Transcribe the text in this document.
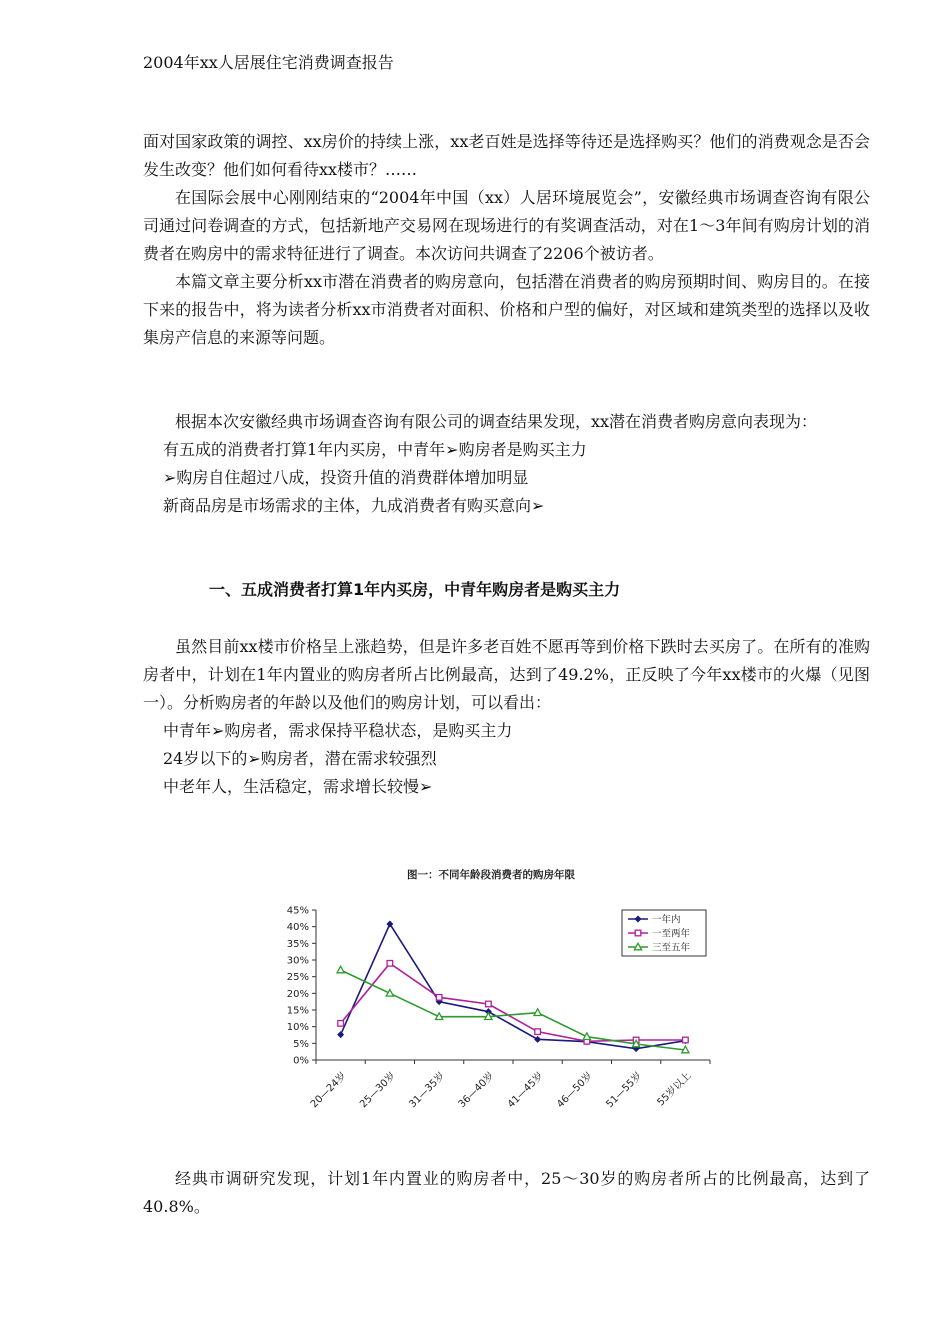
2004年xx人居展住宅消费调查报告

面对国家政策的调控、xx房价的持续上涨，xx老百姓是选择等待还是选择购买？他们的消费观念是否会发生改变？他们如何看待xx楼市？……

在国际会展中心刚刚结束的“2004年中国（xx）人居环境展览会”，安徽经典市场调查咨询有限公司通过问卷调查的方式，包括新地产交易网在现场进行的有奖调查活动，对在1～3年间有购房计划的消费者在购房中的需求特征进行了调查。本次访问共调查了2206个被访者。

本篇文章主要分析xx市潜在消费者的购房意向，包括潜在消费者的购房预期时间、购房目的。在接下来的报告中，将为读者分析xx市消费者对面积、价格和户型的偏好，对区域和建筑类型的选择以及收集房产信息的来源等问题。

根据本次安徽经典市场调查咨询有限公司的调查结果发现，xx潜在消费者购房意向表现为：

有五成的消费者打算1年内买房，中青年➢购房者是购买主力

➢购房自住超过八成，投资升值的消费群体增加明显

新商品房是市场需求的主体，九成消费者有购买意向➢

一、五成消费者打算1年内买房，中青年购房者是购买主力

虽然目前xx楼市价格呈上涨趋势，但是许多老百姓不愿再等到价格下跌时去买房了。在所有的准购房者中，计划在1年内置业的购房者所占比例最高，达到了49.2%，正反映了今年xx楼市的火爆（见图一）。分析购房者的年龄以及他们的购房计划，可以看出：

中青年➢购房者，需求保持平稳状态，是购买主力

24岁以下的➢购房者，潜在需求较强烈

中老年人，生活稳定，需求增长较慢➢

图一：不同年龄段消费者的购房年限
0%
5%
10%
15%
20%
25%
30%
35%
40%
45%
20—24岁 25—30岁 31—35岁 36—40岁 41—45岁 46—50岁 51—55岁 55岁以上
一年内
一至两年
三至五年

经典市调研究发现，计划1年内置业的购房者中，25～30岁的购房者所占的比例最高，达到了40.8%。
